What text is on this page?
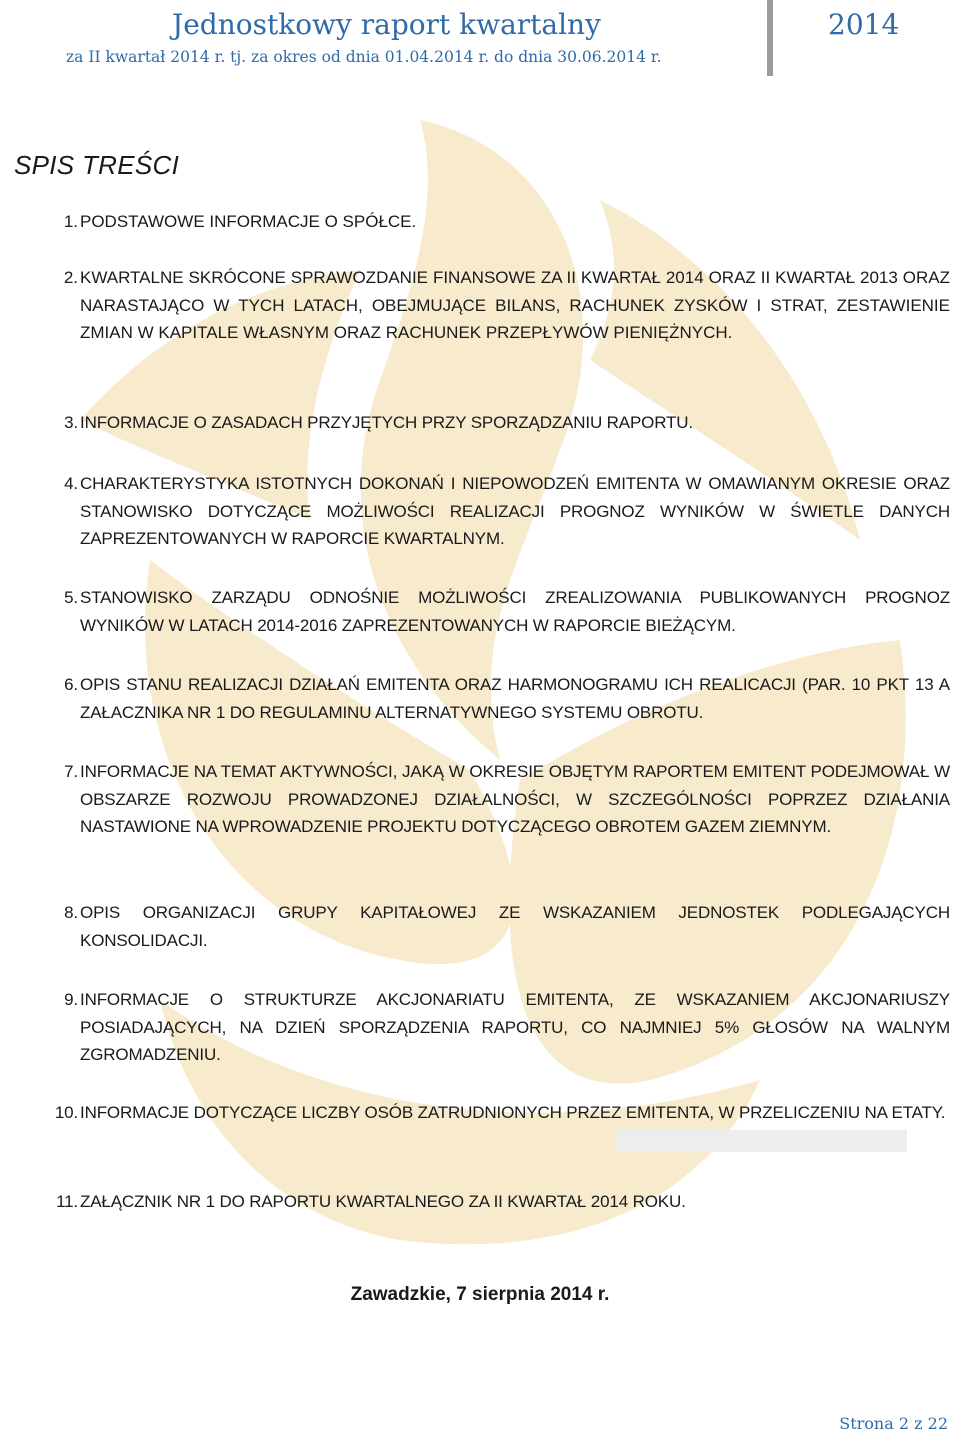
Jednostkowy raport kwartalny	2014
za II kwartał 2014 r. tj. za okres od dnia 01.04.2014 r. do dnia 30.06.2014 r.
SPIS TREŚCI
1. PODSTAWOWE INFORMACJE O SPÓŁCE.
2. KWARTALNE SKRÓCONE SPRAWOZDANIE FINANSOWE ZA II KWARTAŁ 2014 ORAZ II KWARTAŁ 2013 ORAZ NARASTAJĄCO W TYCH LATACH, OBEJMUJĄCE BILANS, RACHUNEK ZYSKÓW I STRAT, ZESTAWIENIE ZMIAN W KAPITALE WŁASNYM ORAZ RACHUNEK PRZEPŁYWÓW PIENIĘŻNYCH.
3. INFORMACJE O ZASADACH PRZYJĘTYCH PRZY SPORZĄDZANIU RAPORTU.
4. CHARAKTERYSTYKA ISTOTNYCH DOKONAŃ I NIEPOWODZEŃ EMITENTA W OMAWIANYM OKRESIE ORAZ STANOWISKO DOTYCZĄCE MOŻLIWOŚCI REALIZACJI PROGNOZ WYNIKÓW W ŚWIETLE DANYCH ZAPREZENTOWANYCH W RAPORCIE KWARTALNYM.
5. STANOWISKO ZARZĄDU ODNOŚNIE MOŻLIWOŚCI ZREALIZOWANIA PUBLIKOWANYCH PROGNOZ WYNIKÓW W LATACH 2014-2016 ZAPREZENTOWANYCH W RAPORCIE BIEŻĄCYM.
6. OPIS STANU REALIZACJI DZIAŁAŃ EMITENTA ORAZ HARMONOGRAMU ICH REALICACJI (PAR. 10 PKT 13 A ZAŁACZNIKA NR 1 DO REGULAMINU ALTERNATYWNEGO SYSTEMU OBROTU.
7. INFORMACJE NA TEMAT AKTYWNOŚCI, JAKĄ W OKRESIE OBJĘTYM RAPORTEM EMITENT PODEJMOWAŁ W OBSZARZE ROZWOJU PROWADZONEJ DZIAŁALNOŚCI, W SZCZEGÓLNOŚCI POPRZEZ DZIAŁANIA NASTAWIONE NA WPROWADZENIE PROJEKTU DOTYCZĄCEGO OBROTEM GAZEM ZIEMNYM.
8. OPIS ORGANIZACJI GRUPY KAPITAŁOWEJ ZE WSKAZANIEM JEDNOSTEK PODLEGAJĄCYCH KONSOLIDACJI.
9. INFORMACJE O STRUKTURZE AKCJONARIATU EMITENTA, ZE WSKAZANIEM AKCJONARIUSZY POSIADAJĄCYCH, NA DZIEŃ SPORZĄDZENIA RAPORTU, CO NAJMNIEJ 5% GŁOSÓW NA WALNYM ZGROMADZENIU.
10. INFORMACJE DOTYCZĄCE LICZBY OSÓB ZATRUDNIONYCH PRZEZ EMITENTA, W PRZELICZENIU NA ETATY.
11. ZAŁĄCZNIK NR 1 DO RAPORTU KWARTALNEGO ZA II KWARTAŁ 2014 ROKU.
Zawadzkie, 7 sierpnia 2014 r.
Strona 2 z 22
